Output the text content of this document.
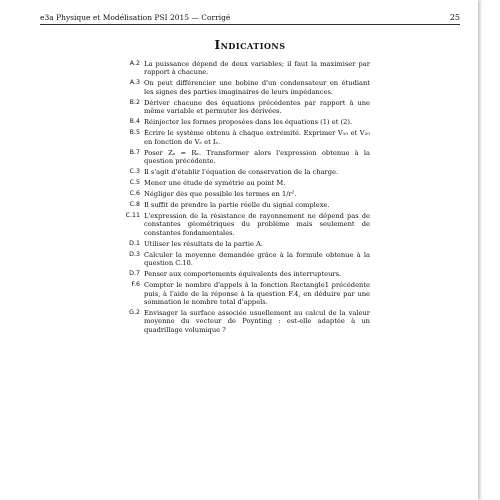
e3a Physique et Modélisation PSI 2015 — Corrigé	25
Indications
A.2 La puissance dépend de deux variables; il faut la maximiser par rapport à chacune.
A.3 On peut différencier une bobine d'un condensateur en étudiant les signes des parties imaginaires de leurs impédances.
B.2 Dériver chacune des équations précédentes par rapport à une même variable et permuter les dérivées.
B.4 Réinjecter les formes proposées dans les équations (1) et (2).
B.5 Écrire le système obtenu à chaque extrémité. Exprimer V₁₀ et V₂₀ en fonction de Vₑ et Iₑ.
B.7 Poser Zₑ = Rₑ. Transformer alors l'expression obtenue à la question précédente.
C.3 Il s'agit d'établir l'équation de conservation de la charge.
C.5 Mener une étude de symétrie au point M.
C.6 Négliger dès que possible les termes en 1/r².
C.8 Il suffit de prendre la partie réelle du signal complexe.
C.11 L'expression de la résistance de rayonnement ne dépend pas de constantes géométriques du problème mais seulement de constantes fondamentales.
D.1 Utiliser les résultats de la partie A.
D.3 Calculer la moyenne demandée grâce à la formule obtenue à la question C.10.
D.7 Penser aux comportements équivalents des interrupteurs.
F.6 Compter le nombre d'appels à la fonction Rectangle1 précédente puis, à l'aide de la réponse à la question F.4, en déduire par une sommation le nombre total d'appels.
G.2 Envisager la surface associée usuellement au calcul de la valeur moyenne du vecteur de Poynting : est-elle adaptée à un quadrillage volumique ?
